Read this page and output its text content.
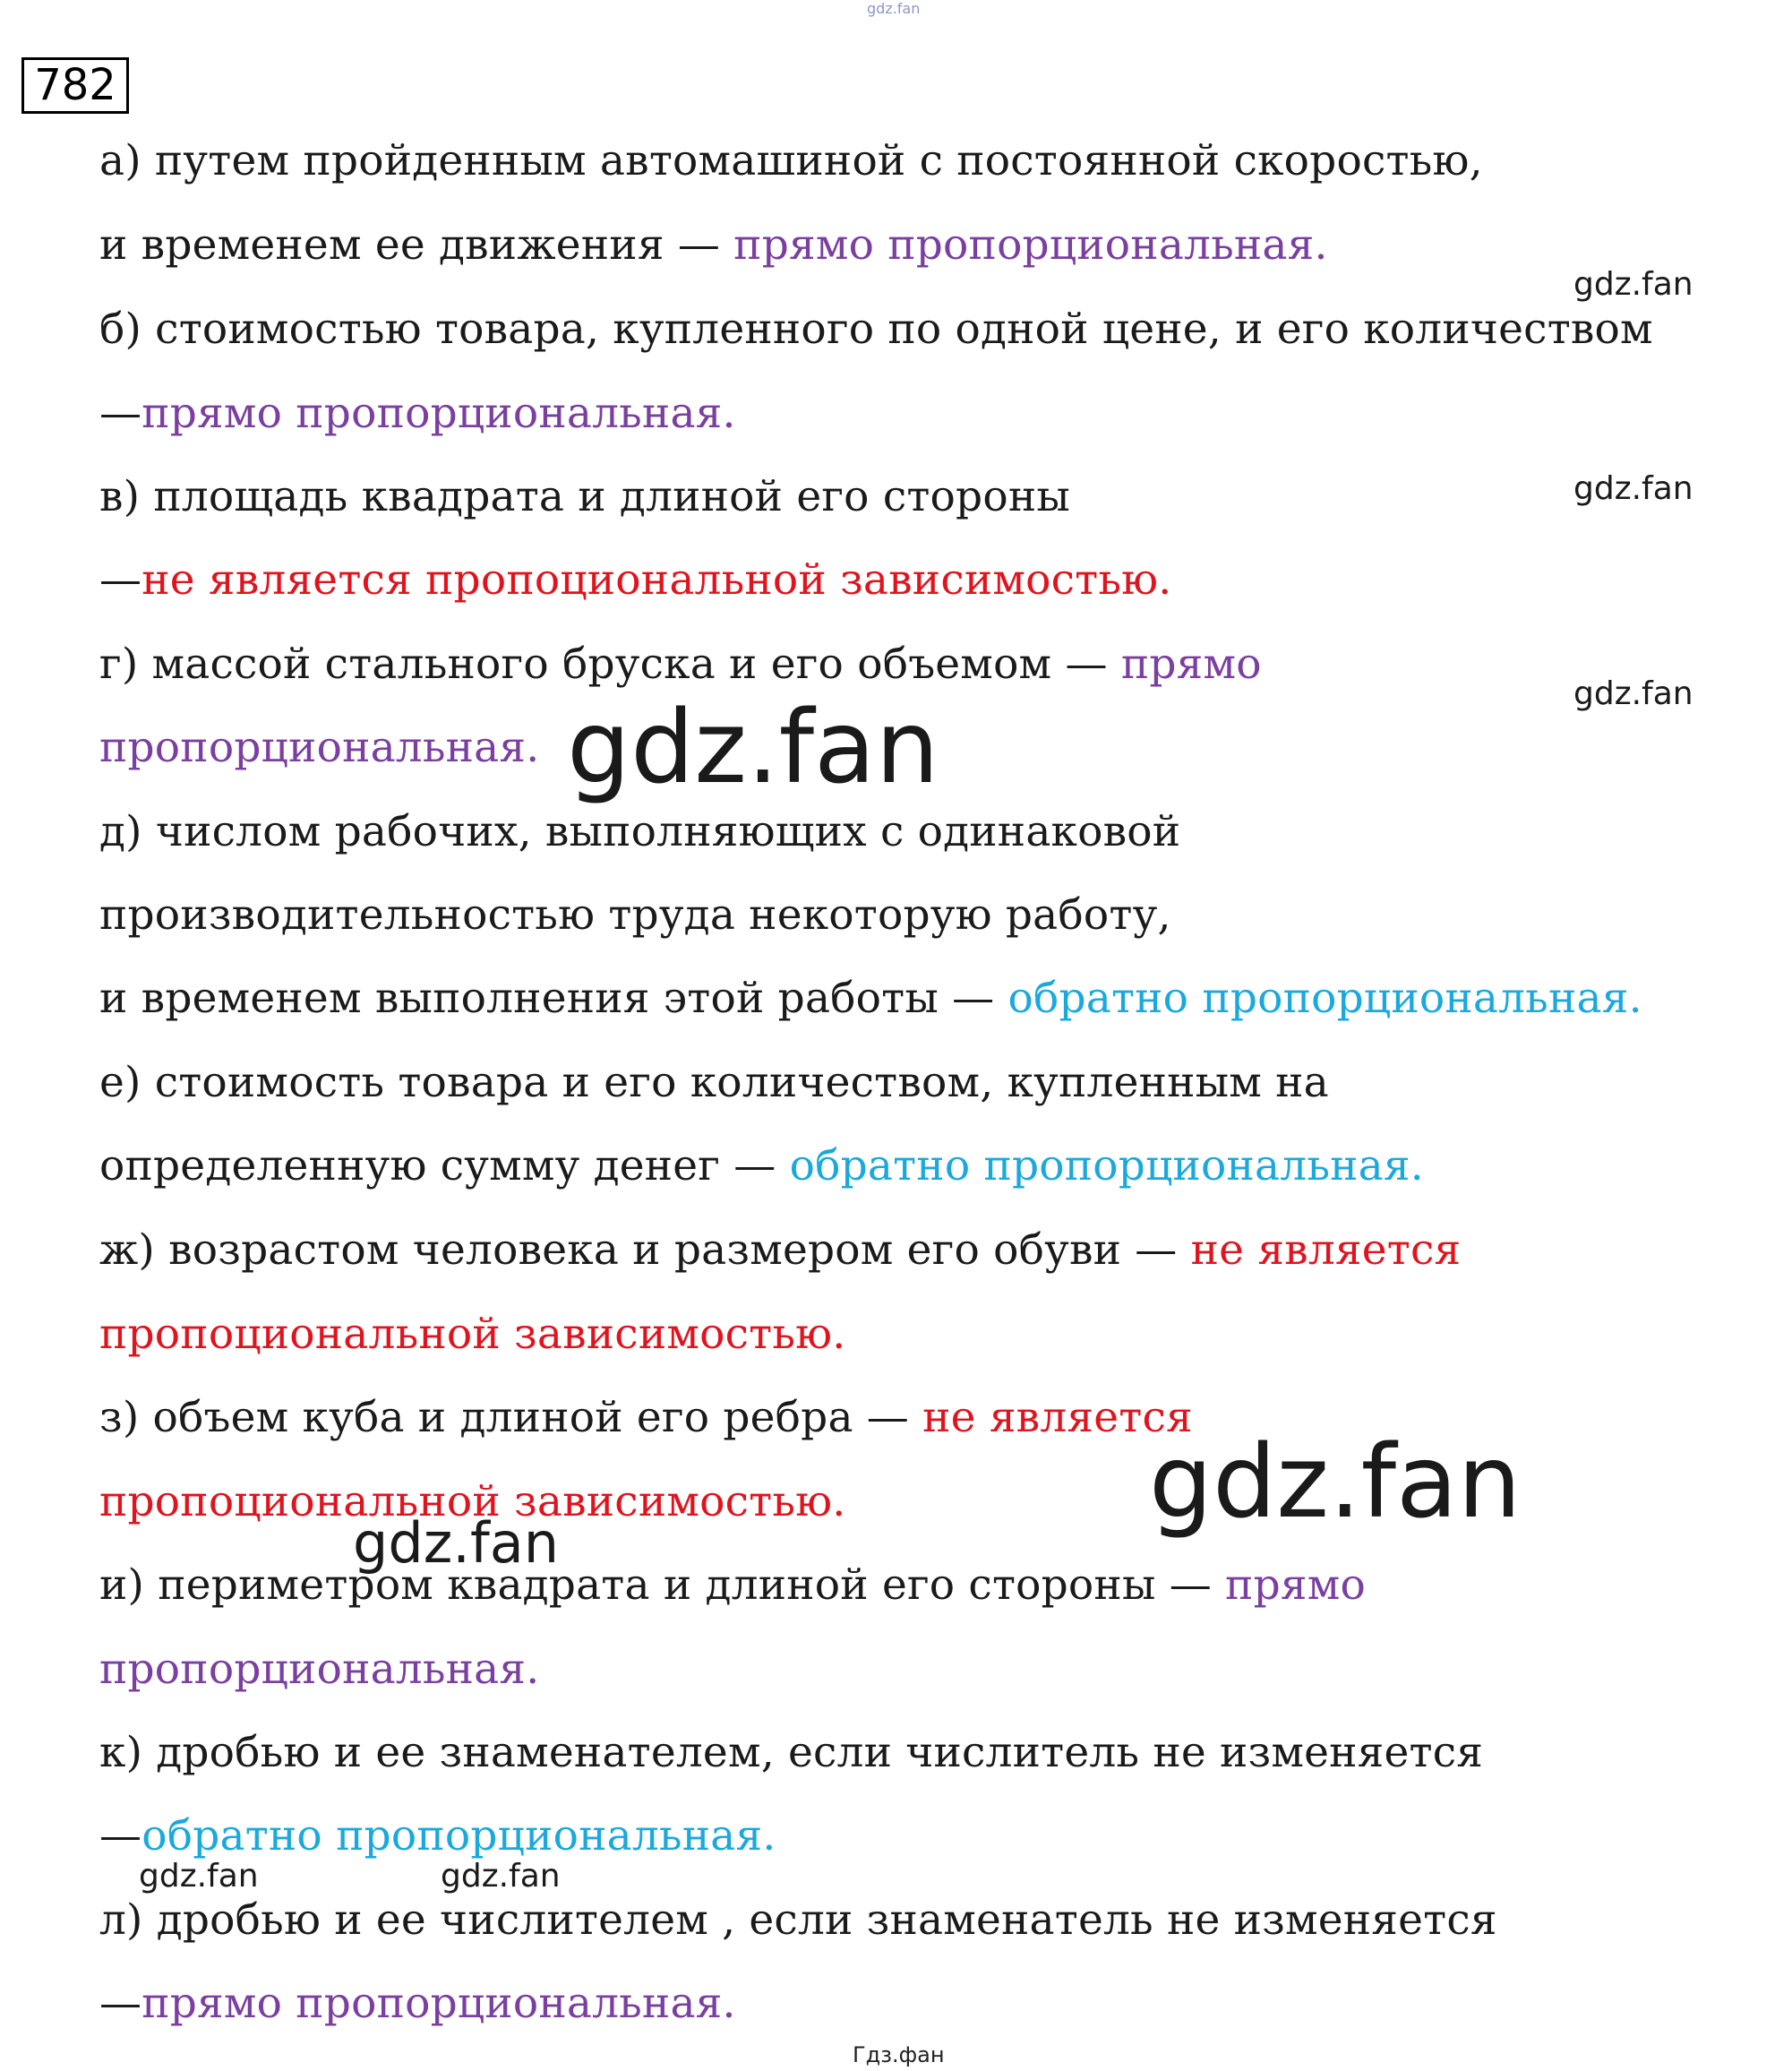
gdz.fan
782
а) путем пройденным автомашиной с постоянной скоростью,
и временем ее движения — прямо пропорциональная.
б) стоимостью товара, купленного по одной цене, и его количеством
—прямо пропорциональная.
в) площадь квадрата и длиной его стороны
—не является пропоциональной зависимостью.
г) массой стального бруска и его объемом — прямо
пропорциональная.
д) числом рабочих, выполняющих с одинаковой
производительностью труда некоторую работу,
и временем выполнения этой работы — обратно пропорциональная.
е) стоимость товара и его количеством, купленным на
определенную сумму денег — обратно пропорциональная.
ж) возрастом человека и размером его обуви — не является
пропоциональной зависимостью.
з) объем куба и длиной его ребра — не является
пропоциональной зависимостью.
и) периметром квадрата и длиной его стороны — прямо
пропорциональная.
к) дробью и ее знаменателем, если числитель не изменяется
—обратно пропорциональная.
л) дробью и ее числителем , если знаменатель не изменяется
—прямо пропорциональная.
gdz.fan
gdz.fan
gdz.fan
gdz.fan
gdz.fan
gdz.fan
gdz.fan	gdz.fan
Гдз.фан
